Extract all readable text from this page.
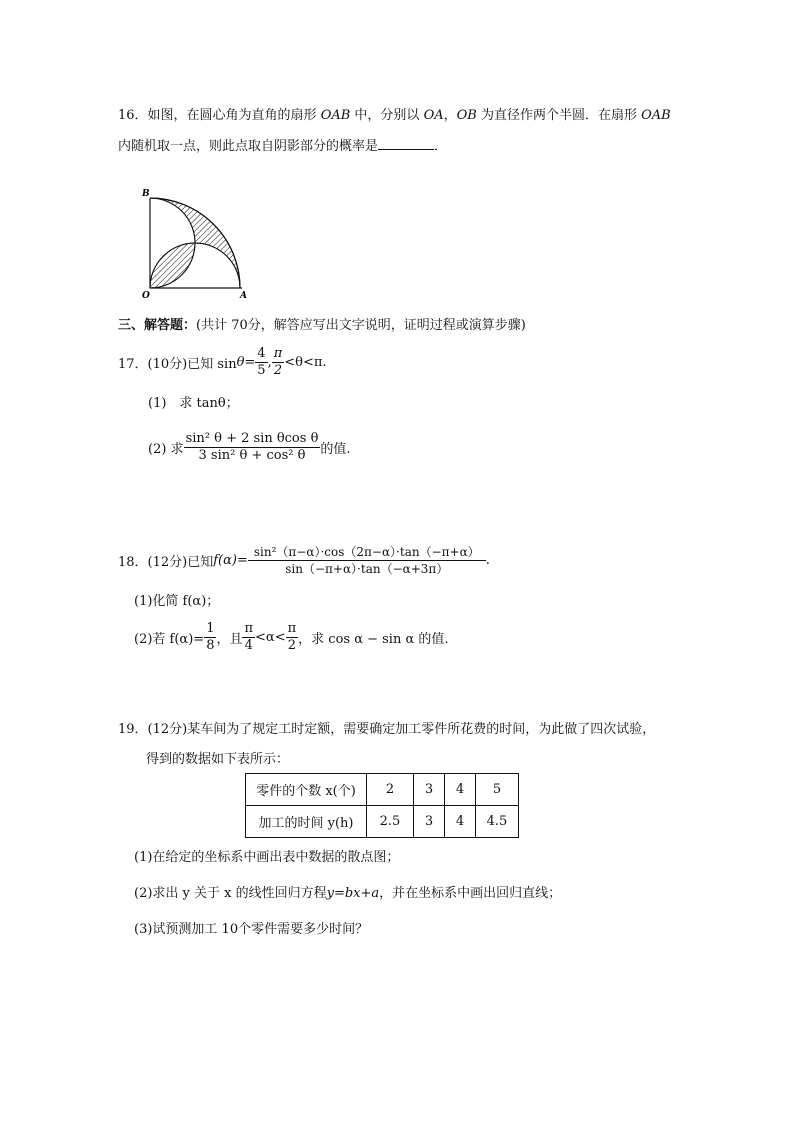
16．如图，在圆心角为直角的扇形 OAB 中，分别以 OA，OB 为直径作两个半圆．在扇形 OAB
内随机取一点，则此点取自阴影部分的概率是	．
B
O	A
三、解答题：(共计 70分，解答应写出文字说明，证明过程或演算步骤)
17．(10分)已知 $\sin \theta = \frac{4}{5}$ , $\frac{\pi}{2} <\theta<\pi$.
(1)　求 tanθ；
(2) 求 $\frac{\text{sin² θ + 2 sin θcos θ}}{\text{3 sin² θ + cos² θ}}$ 的值.
18．(12分)已知 $f(\alpha) = \frac{\text{sin²（π−α）·cos（2π−α）·tan（−π+α）}}{\sin(-\pi+\alpha)\cdot\tan(-\alpha+3\pi)}$ .
(1)化简 f(α)；
(2)若 $f(\alpha)= \frac{1}{8}$ ，且 $\frac{\pi}{4} <\alpha< \frac{\pi}{2}$ ，求 cos α − sin α 的值.
19．(12分)某车间为了规定工时定额，需要确定加工零件所花费的时间，为此做了四次试验，
得到的数据如下表所示：
零件的个数 x(个)	2	3	4	5
加工的时间 y(h)	2.5	3	4	4.5
(1)在给定的坐标系中画出表中数据的散点图；
(2)求出 y 关于 x 的线性回归方程y=bx+a，并在坐标系中画出回归直线；
(3)试预测加工 10个零件需要多少时间？
